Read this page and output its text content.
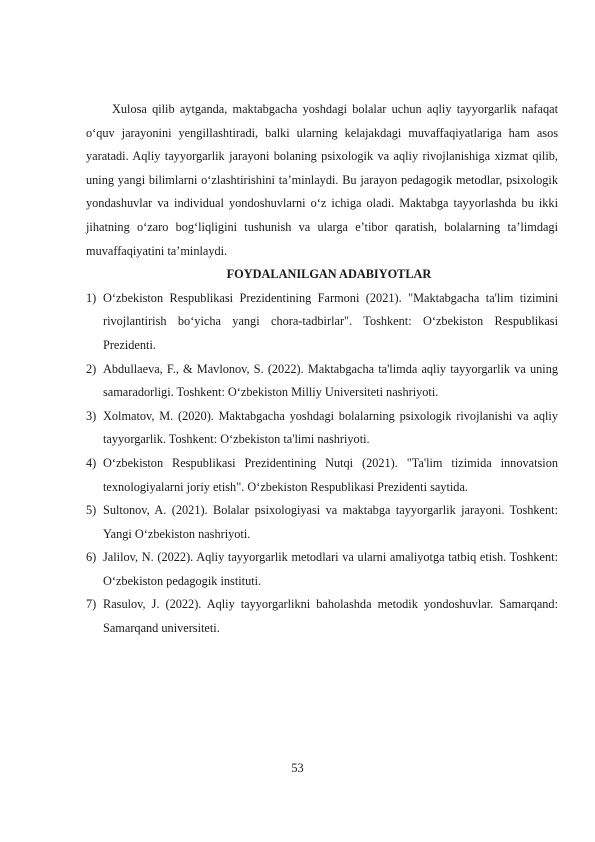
Xulosa qilib aytganda, maktabgacha yoshdagi bolalar uchun aqliy tayyorgarlik nafaqat o‘quv jarayonini yengillashtiradi, balki ularning kelajakdagi muvaffaqiyatlariga ham asos yaratadi. Aqliy tayyorgarlik jarayoni bolaning psixologik va aqliy rivojlanishiga xizmat qilib, uning yangi bilimlarni o‘zlashtirishini ta’minlaydi. Bu jarayon pedagogik metodlar, psixologik yondashuvlar va individual yondoshuvlarni o‘z ichiga oladi. Maktabga tayyorlashda bu ikki jihatning o‘zaro bog‘liqligini tushunish va ularga e’tibor qaratish, bolalarning ta’limdagi muvaffaqiyatini ta’minlaydi.

FOYDALANILGAN ADABIYOTLAR
1) O‘zbekiston Respublikasi Prezidentining Farmoni (2021). "Maktabgacha ta'lim tizimini rivojlantirish bo‘yicha yangi chora-tadbirlar". Toshkent: O‘zbekiston Respublikasi Prezidenti.
2) Abdullaeva, F., & Mavlonov, S. (2022). Maktabgacha ta'limda aqliy tayyorgarlik va uning samaradorligi. Toshkent: O‘zbekiston Milliy Universiteti nashriyoti.
3) Xolmatov, M. (2020). Maktabgacha yoshdagi bolalarning psixologik rivojlanishi va aqliy tayyorgarlik. Toshkent: O‘zbekiston ta'limi nashriyoti.
4) O‘zbekiston Respublikasi Prezidentining Nutqi (2021). "Ta'lim tizimida innovatsion texnologiyalarni joriy etish". O‘zbekiston Respublikasi Prezidenti saytida.
5) Sultonov, A. (2021). Bolalar psixologiyasi va maktabga tayyorgarlik jarayoni. Toshkent: Yangi O‘zbekiston nashriyoti.
6) Jalilov, N. (2022). Aqliy tayyorgarlik metodlari va ularni amaliyotga tatbiq etish. Toshkent: O‘zbekiston pedagogik instituti.
7) Rasulov, J. (2022). Aqliy tayyorgarlikni baholashda metodik yondoshuvlar. Samarqand: Samarqand universiteti.
53
